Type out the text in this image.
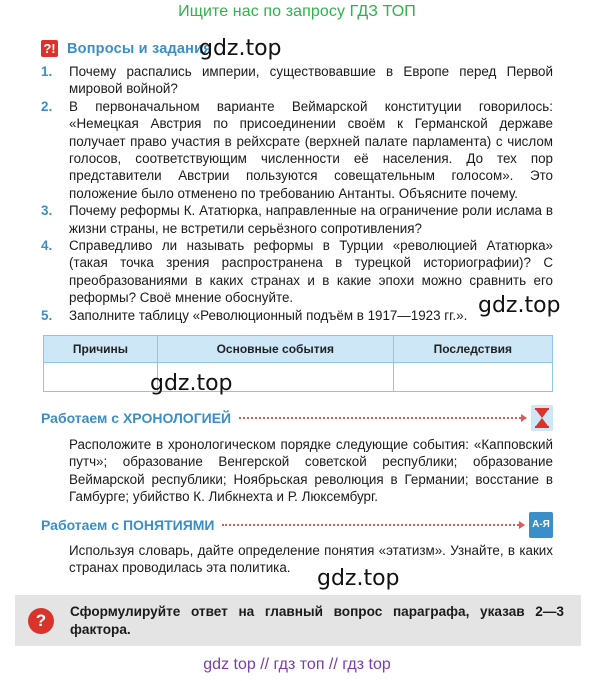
Ищите нас по запросу ГДЗ ТОП
?! Вопросы и задания
gdz.top
1.	Почему распались империи, существовавшие в Европе перед Первой мировой войной?
2.	В первоначальном варианте Веймарской конституции говорилось: «Немецкая Австрия по присоединении своём к Германской державе получает право участия в рейхсрате (верхней палате парламента) с числом голосов, соответствующим численности её населения. До тех пор представители Австрии пользуются совещательным голосом». Это положение было отменено по требованию Антанты. Объясните почему.
3.	Почему реформы К. Ататюрка, направленные на ограничение роли ислама в жизни страны, не встретили серьёзного сопротивления?
4.	Справедливо ли называть реформы в Турции «революцией Ататюрка» (такая точка зрения распространена в турецкой историографии)? С преобразованиями в каких странах и в какие эпохи можно сравнить его реформы? Своё мнение обоснуйте.
5.	Заполните таблицу «Революционный подъём в 1917—1923 гг.». gdz.top
Причины	Основные события	Последствия

gdz.top
Работаем с ХРОНОЛОГИЕЙ
Расположите в хронологическом порядке следующие события: «Капповский путч»; образование Венгерской советской республики; образование Веймарской республики; Ноябрьская революция в Германии; восстание в Гамбурге; убийство К. Либкнехта и Р. Люксембург.
Работаем с ПОНЯТИЯМИ	А-Я
Используя словарь, дайте определение понятия «этатизм». Узнайте, в каких странах проводилась эта политика.	gdz.top
?	Сформулируйте ответ на главный вопрос параграфа, указав 2—3 фактора.
gdz top // гдз топ // гдз top
